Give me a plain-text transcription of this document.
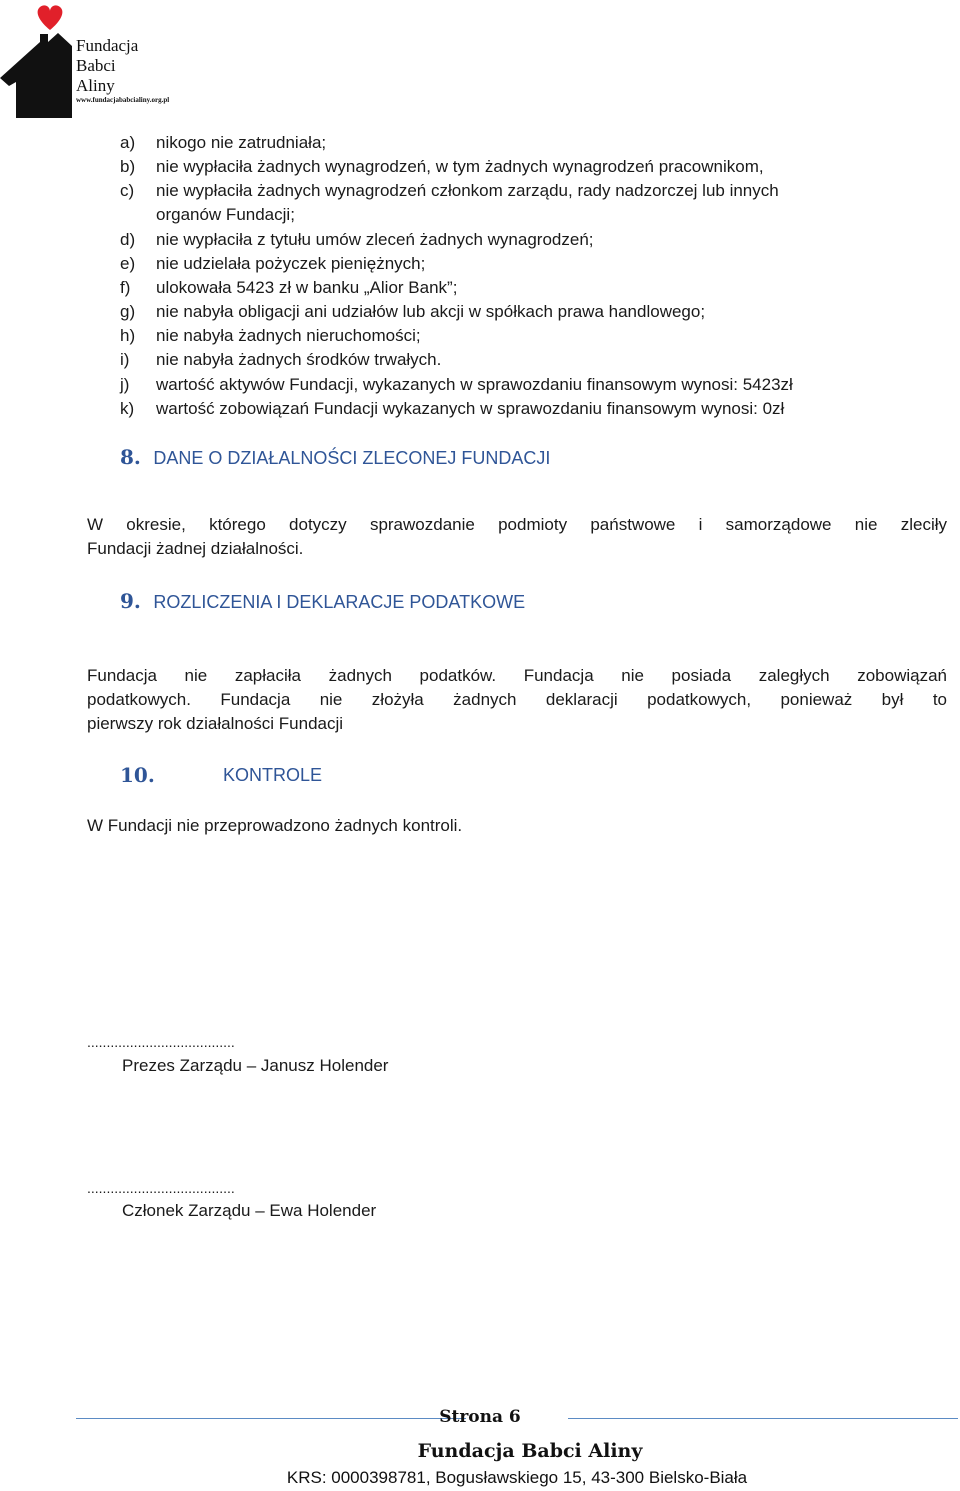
Fundacja
Babci
Aliny
www.fundacjababcialiny.org.pl
a) nikogo nie zatrudniała;
b) nie wypłaciła żadnych wynagrodzeń, w tym żadnych wynagrodzeń pracownikom,
c) nie wypłaciła żadnych wynagrodzeń członkom zarządu, rady nadzorczej lub innych
organów Fundacji;
d) nie wypłaciła z tytułu umów zleceń żadnych wynagrodzeń;
e) nie udzielała pożyczek pieniężnych;
f) ulokowała 5423 zł w banku „Alior Bank”;
g) nie nabyła obligacji ani udziałów lub akcji w spółkach prawa handlowego;
h) nie nabyła żadnych nieruchomości;
i) nie nabyła żadnych środków trwałych.
j) wartość aktywów Fundacji, wykazanych w sprawozdaniu finansowym wynosi: 5423zł
k) wartość zobowiązań Fundacji wykazanych w sprawozdaniu finansowym wynosi: 0zł
8. DANE O DZIAŁALNOŚCI ZLECONEJ FUNDACJI
W okresie, którego dotyczy sprawozdanie podmioty państwowe i samorządowe nie zleciły
Fundacji żadnej działalności.
9. ROZLICZENIA I DEKLARACJE PODATKOWE
Fundacja nie zapłaciła żadnych podatków. Fundacja nie posiada zaległych zobowiązań
podatkowych. Fundacja nie złożyła żadnych deklaracji podatkowych, ponieważ był to
pierwszy rok działalności Fundacji
10.	KONTROLE
W Fundacji nie przeprowadzono żadnych kontroli.
......................................
Prezes Zarządu – Janusz Holender
......................................
Członek Zarządu – Ewa Holender
Strona 6
Fundacja Babci Aliny
KRS: 0000398781, Bogusławskiego 15, 43-300 Bielsko-Biała
